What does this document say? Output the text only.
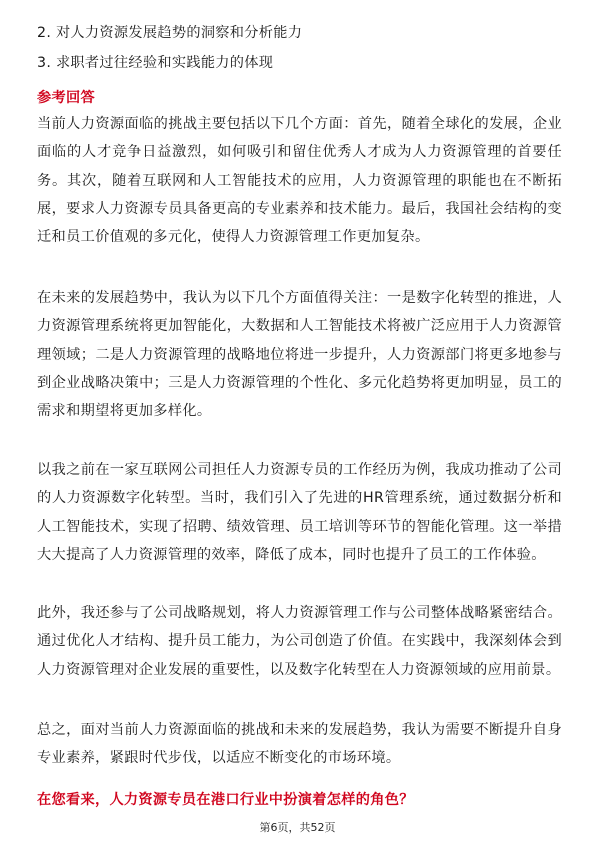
2. 对人力资源发展趋势的洞察和分析能力
3. 求职者过往经验和实践能力的体现
参考回答
当前人力资源面临的挑战主要包括以下几个方面：首先，随着全球化的发展，企业面临的人才竞争日益激烈，如何吸引和留住优秀人才成为人力资源管理的首要任务。其次，随着互联网和人工智能技术的应用，人力资源管理的职能也在不断拓展，要求人力资源专员具备更高的专业素养和技术能力。最后，我国社会结构的变迁和员工价值观的多元化，使得人力资源管理工作更加复杂。
在未来的发展趋势中，我认为以下几个方面值得关注：一是数字化转型的推进，人力资源管理系统将更加智能化，大数据和人工智能技术将被广泛应用于人力资源管理领域；二是人力资源管理的战略地位将进一步提升，人力资源部门将更多地参与到企业战略决策中；三是人力资源管理的个性化、多元化趋势将更加明显，员工的需求和期望将更加多样化。
以我之前在一家互联网公司担任人力资源专员的工作经历为例，我成功推动了公司的人力资源数字化转型。当时，我们引入了先进的HR管理系统，通过数据分析和人工智能技术，实现了招聘、绩效管理、员工培训等环节的智能化管理。这一举措大大提高了人力资源管理的效率，降低了成本，同时也提升了员工的工作体验。
此外，我还参与了公司战略规划，将人力资源管理工作与公司整体战略紧密结合。通过优化人才结构、提升员工能力，为公司创造了价值。在实践中，我深刻体会到人力资源管理对企业发展的重要性，以及数字化转型在人力资源领域的应用前景。
总之，面对当前人力资源面临的挑战和未来的发展趋势，我认为需要不断提升自身专业素养，紧跟时代步伐，以适应不断变化的市场环境。
在您看来，人力资源专员在港口行业中扮演着怎样的角色？
第6页，共52页
